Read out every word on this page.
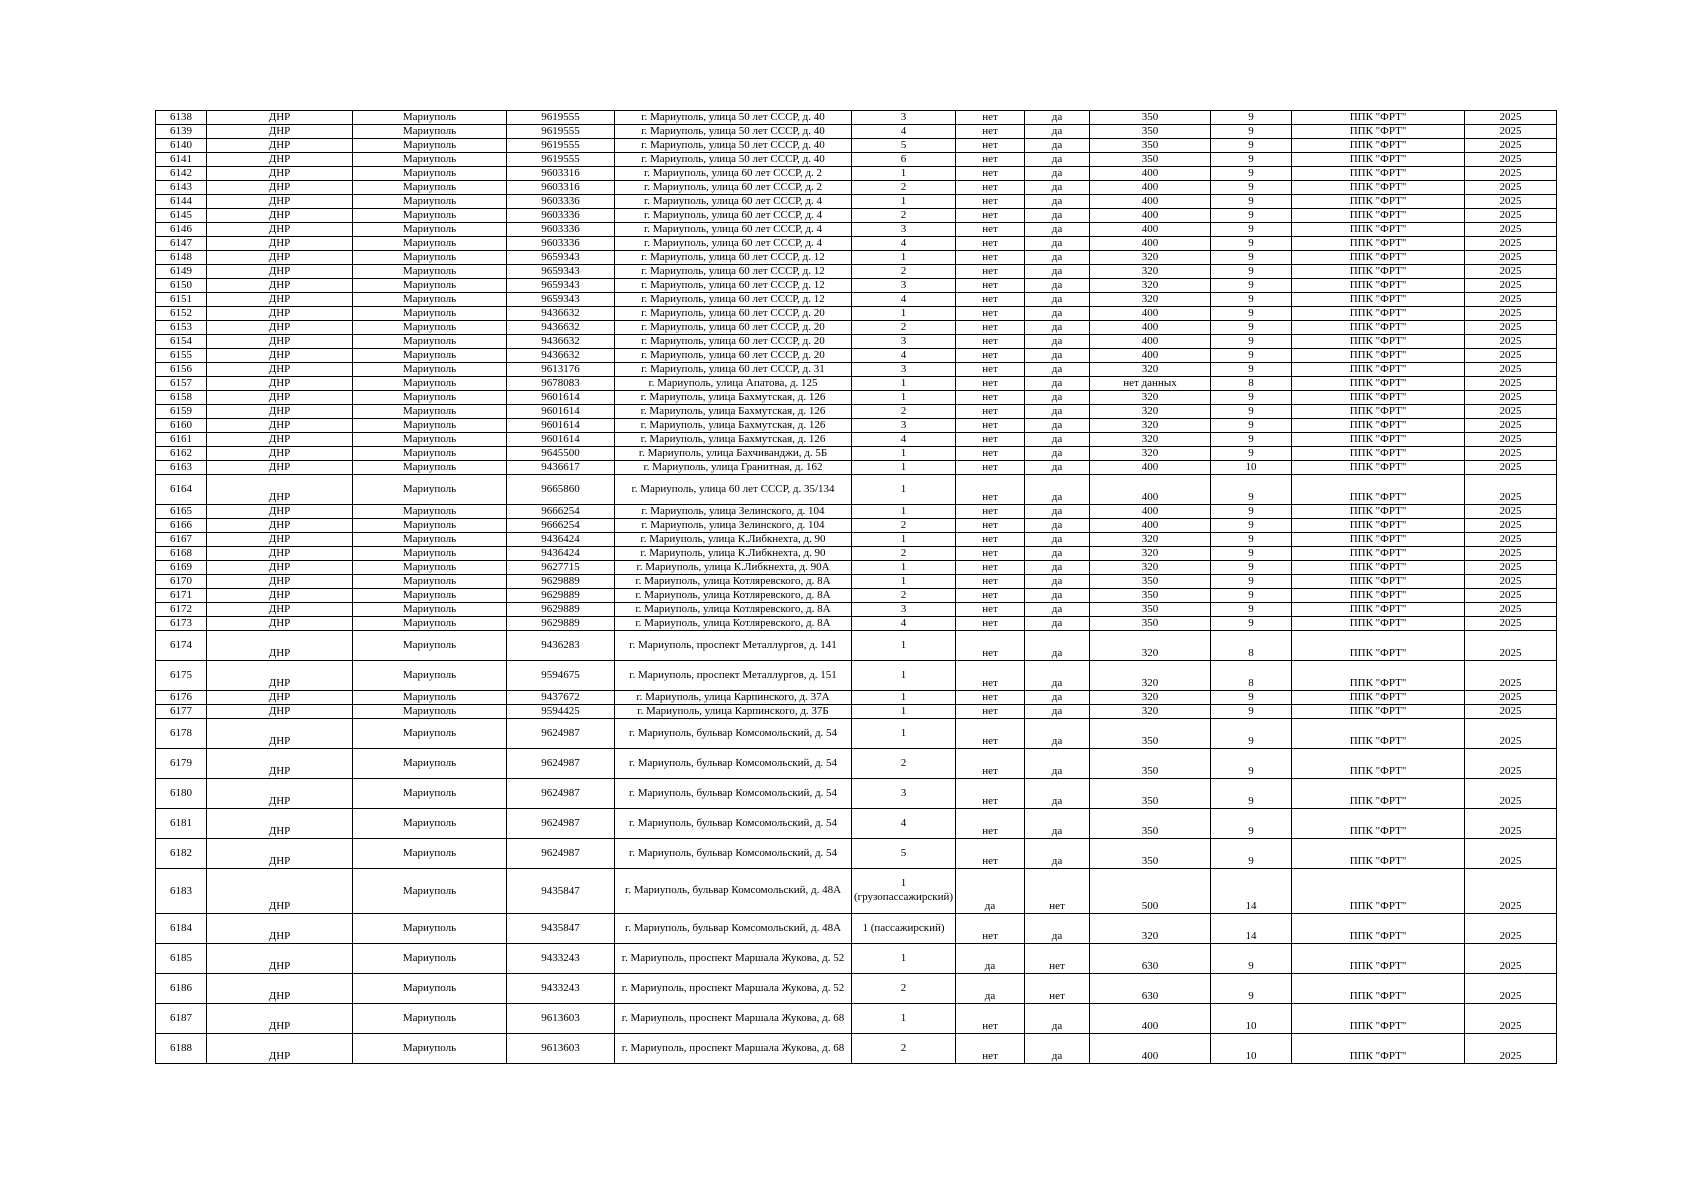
6138	ДНР	Мариуполь	9619555	г. Мариуполь, улица 50 лет СССР, д. 40	3	нет	да	350	9	ППК "ФРТ"	2025
6139	ДНР	Мариуполь	9619555	г. Мариуполь, улица 50 лет СССР, д. 40	4	нет	да	350	9	ППК "ФРТ"	2025
6140	ДНР	Мариуполь	9619555	г. Мариуполь, улица 50 лет СССР, д. 40	5	нет	да	350	9	ППК "ФРТ"	2025
6141	ДНР	Мариуполь	9619555	г. Мариуполь, улица 50 лет СССР, д. 40	6	нет	да	350	9	ППК "ФРТ"	2025
6142	ДНР	Мариуполь	9603316	г. Мариуполь, улица 60 лет СССР, д. 2	1	нет	да	400	9	ППК "ФРТ"	2025
6143	ДНР	Мариуполь	9603316	г. Мариуполь, улица 60 лет СССР, д. 2	2	нет	да	400	9	ППК "ФРТ"	2025
6144	ДНР	Мариуполь	9603336	г. Мариуполь, улица 60 лет СССР, д. 4	1	нет	да	400	9	ППК "ФРТ"	2025
6145	ДНР	Мариуполь	9603336	г. Мариуполь, улица 60 лет СССР, д. 4	2	нет	да	400	9	ППК "ФРТ"	2025
6146	ДНР	Мариуполь	9603336	г. Мариуполь, улица 60 лет СССР, д. 4	3	нет	да	400	9	ППК "ФРТ"	2025
6147	ДНР	Мариуполь	9603336	г. Мариуполь, улица 60 лет СССР, д. 4	4	нет	да	400	9	ППК "ФРТ"	2025
6148	ДНР	Мариуполь	9659343	г. Мариуполь, улица 60 лет СССР, д. 12	1	нет	да	320	9	ППК "ФРТ"	2025
6149	ДНР	Мариуполь	9659343	г. Мариуполь, улица 60 лет СССР, д. 12	2	нет	да	320	9	ППК "ФРТ"	2025
6150	ДНР	Мариуполь	9659343	г. Мариуполь, улица 60 лет СССР, д. 12	3	нет	да	320	9	ППК "ФРТ"	2025
6151	ДНР	Мариуполь	9659343	г. Мариуполь, улица 60 лет СССР, д. 12	4	нет	да	320	9	ППК "ФРТ"	2025
6152	ДНР	Мариуполь	9436632	г. Мариуполь, улица 60 лет СССР, д. 20	1	нет	да	400	9	ППК "ФРТ"	2025
6153	ДНР	Мариуполь	9436632	г. Мариуполь, улица 60 лет СССР, д. 20	2	нет	да	400	9	ППК "ФРТ"	2025
6154	ДНР	Мариуполь	9436632	г. Мариуполь, улица 60 лет СССР, д. 20	3	нет	да	400	9	ППК "ФРТ"	2025
6155	ДНР	Мариуполь	9436632	г. Мариуполь, улица 60 лет СССР, д. 20	4	нет	да	400	9	ППК "ФРТ"	2025
6156	ДНР	Мариуполь	9613176	г. Мариуполь, улица 60 лет СССР, д. 31	3	нет	да	320	9	ППК "ФРТ"	2025
6157	ДНР	Мариуполь	9678083	г. Мариуполь, улица Апатова, д. 125	1	нет	да	нет данных	8	ППК "ФРТ"	2025
6158	ДНР	Мариуполь	9601614	г. Мариуполь, улица Бахмутская, д. 126	1	нет	да	320	9	ППК "ФРТ"	2025
6159	ДНР	Мариуполь	9601614	г. Мариуполь, улица Бахмутская, д. 126	2	нет	да	320	9	ППК "ФРТ"	2025
6160	ДНР	Мариуполь	9601614	г. Мариуполь, улица Бахмутская, д. 126	3	нет	да	320	9	ППК "ФРТ"	2025
6161	ДНР	Мариуполь	9601614	г. Мариуполь, улица Бахмутская, д. 126	4	нет	да	320	9	ППК "ФРТ"	2025
6162	ДНР	Мариуполь	9645500	г. Мариуполь, улица Бахчиванджи, д. 5Б	1	нет	да	320	9	ППК "ФРТ"	2025
6163	ДНР	Мариуполь	9436617	г. Мариуполь, улица Гранитная, д. 162	1	нет	да	400	10	ППК "ФРТ"	2025
6164	ДНР	Мариуполь	9665860	г. Мариуполь, улица 60 лет СССР, д. 35/134	1	нет	да	400	9	ППК "ФРТ"	2025
6165	ДНР	Мариуполь	9666254	г. Мариуполь, улица Зелинского, д. 104	1	нет	да	400	9	ППК "ФРТ"	2025
6166	ДНР	Мариуполь	9666254	г. Мариуполь, улица Зелинского, д. 104	2	нет	да	400	9	ППК "ФРТ"	2025
6167	ДНР	Мариуполь	9436424	г. Мариуполь, улица К.Либкнехта, д. 90	1	нет	да	320	9	ППК "ФРТ"	2025
6168	ДНР	Мариуполь	9436424	г. Мариуполь, улица К.Либкнехта, д. 90	2	нет	да	320	9	ППК "ФРТ"	2025
6169	ДНР	Мариуполь	9627715	г. Мариуполь, улица К.Либкнехта, д. 90А	1	нет	да	320	9	ППК "ФРТ"	2025
6170	ДНР	Мариуполь	9629889	г. Мариуполь, улица Котляревского, д. 8А	1	нет	да	350	9	ППК "ФРТ"	2025
6171	ДНР	Мариуполь	9629889	г. Мариуполь, улица Котляревского, д. 8А	2	нет	да	350	9	ППК "ФРТ"	2025
6172	ДНР	Мариуполь	9629889	г. Мариуполь, улица Котляревского, д. 8А	3	нет	да	350	9	ППК "ФРТ"	2025
6173	ДНР	Мариуполь	9629889	г. Мариуполь, улица Котляревского, д. 8А	4	нет	да	350	9	ППК "ФРТ"	2025
6174	ДНР	Мариуполь	9436283	г. Мариуполь, проспект Металлургов, д. 141	1	нет	да	320	8	ППК "ФРТ"	2025
6175	ДНР	Мариуполь	9594675	г. Мариуполь, проспект Металлургов, д. 151	1	нет	да	320	8	ППК "ФРТ"	2025
6176	ДНР	Мариуполь	9437672	г. Мариуполь, улица Карпинского, д. 37А	1	нет	да	320	9	ППК "ФРТ"	2025
6177	ДНР	Мариуполь	9594425	г. Мариуполь, улица Карпинского, д. 37Б	1	нет	да	320	9	ППК "ФРТ"	2025
6178	ДНР	Мариуполь	9624987	г. Мариуполь, бульвар Комсомольский, д. 54	1	нет	да	350	9	ППК "ФРТ"	2025
6179	ДНР	Мариуполь	9624987	г. Мариуполь, бульвар Комсомольский, д. 54	2	нет	да	350	9	ППК "ФРТ"	2025
6180	ДНР	Мариуполь	9624987	г. Мариуполь, бульвар Комсомольский, д. 54	3	нет	да	350	9	ППК "ФРТ"	2025
6181	ДНР	Мариуполь	9624987	г. Мариуполь, бульвар Комсомольский, д. 54	4	нет	да	350	9	ППК "ФРТ"	2025
6182	ДНР	Мариуполь	9624987	г. Мариуполь, бульвар Комсомольский, д. 54	5	нет	да	350	9	ППК "ФРТ"	2025
6183	ДНР	Мариуполь	9435847	г. Мариуполь, бульвар Комсомольский, д. 48А	1 (грузопассажирский)	да	нет	500	14	ППК "ФРТ"	2025
6184	ДНР	Мариуполь	9435847	г. Мариуполь, бульвар Комсомольский, д. 48А	1 (пассажирский)	нет	да	320	14	ППК "ФРТ"	2025
6185	ДНР	Мариуполь	9433243	г. Мариуполь, проспект Маршала Жукова, д. 52	1	да	нет	630	9	ППК "ФРТ"	2025
6186	ДНР	Мариуполь	9433243	г. Мариуполь, проспект Маршала Жукова, д. 52	2	да	нет	630	9	ППК "ФРТ"	2025
6187	ДНР	Мариуполь	9613603	г. Мариуполь, проспект Маршала Жукова, д. 68	1	нет	да	400	10	ППК "ФРТ"	2025
6188	ДНР	Мариуполь	9613603	г. Мариуполь, проспект Маршала Жукова, д. 68	2	нет	да	400	10	ППК "ФРТ"	2025
